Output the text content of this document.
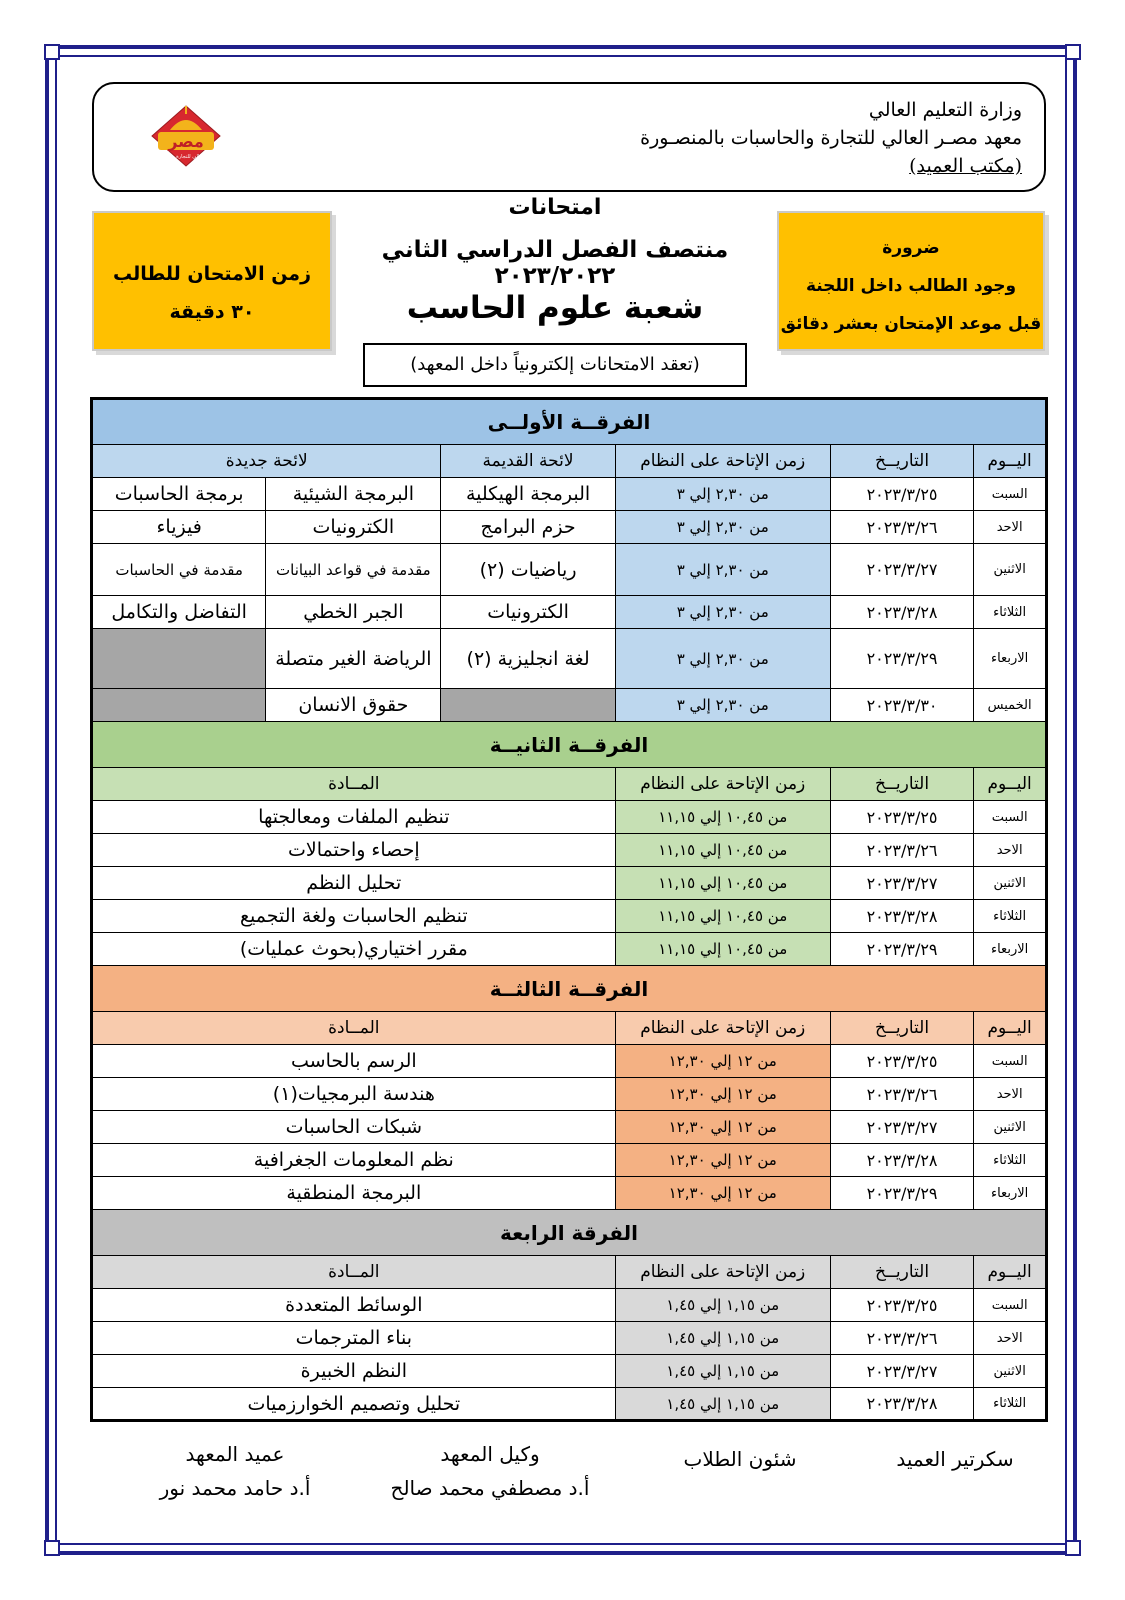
وزارة التعليم العالي
معهد مصـر العالي للتجارة والحاسبات بالمنصـورة
(مكتب العميد)
مصر
المعهد العالي للتجارة والحاسبات
زمن الامتحان للطالب
٣٠ دقيقة
ضرورة
وجود الطالب داخل اللجنة
قبل موعد الإمتحان بعشر دقائق
امتحانات
منتصف الفصل الدراسي الثاني ٢٠٢٣/٢٠٢٢
شعبة علوم الحاسب
(تعقد الامتحانات إلكترونياً داخل المعهد)
الفرقــة الأولــى					
اليــوم	التاريــخ	زمن الإتاحة على النظام	لائحة القديمة	لائحة جديدة	
السبت	٢٠٢٣/٣/٢٥	من ٢,٣٠ إلي ٣	البرمجة الهيكلية	البرمجة الشيئية	برمجة الحاسبات
الاحد	٢٠٢٣/٣/٢٦	من ٢,٣٠ إلي ٣	حزم البرامج	الكترونيات	فيزياء
الاثنين	٢٠٢٣/٣/٢٧	من ٢,٣٠ إلي ٣	رياضيات (٢)	مقدمة في قواعد البيانات	مقدمة في الحاسبات
الثلاثاء	٢٠٢٣/٣/٢٨	من ٢,٣٠ إلي ٣	الكترونيات	الجبر الخطي	التفاضل والتكامل
الاربعاء	٢٠٢٣/٣/٢٩	من ٢,٣٠ إلي ٣	لغة انجليزية (٢)	الرياضة الغير متصلة	
الخميس	٢٠٢٣/٣/٣٠	من ٢,٣٠ إلي ٣		حقوق الانسان	
الفرقــة الثانيــة					
اليــوم	التاريــخ	زمن الإتاحة على النظام	المــادة		
السبت	٢٠٢٣/٣/٢٥	من ١٠,٤٥ إلي ١١,١٥	تنظيم الملفات ومعالجتها		
الاحد	٢٠٢٣/٣/٢٦	من ١٠,٤٥ إلي ١١,١٥	إحصاء واحتمالات		
الاثنين	٢٠٢٣/٣/٢٧	من ١٠,٤٥ إلي ١١,١٥	تحليل النظم		
الثلاثاء	٢٠٢٣/٣/٢٨	من ١٠,٤٥ إلي ١١,١٥	تنظيم الحاسبات ولغة التجميع		
الاربعاء	٢٠٢٣/٣/٢٩	من ١٠,٤٥ إلي ١١,١٥	مقرر اختياري(بحوث عمليات)		
الفرقــة الثالثــة					
اليــوم	التاريــخ	زمن الإتاحة على النظام	المــادة		
السبت	٢٠٢٣/٣/٢٥	من ١٢ إلي ١٢,٣٠	الرسم بالحاسب		
الاحد	٢٠٢٣/٣/٢٦	من ١٢ إلي ١٢,٣٠	هندسة البرمجيات(١)		
الاثنين	٢٠٢٣/٣/٢٧	من ١٢ إلي ١٢,٣٠	شبكات الحاسبات		
الثلاثاء	٢٠٢٣/٣/٢٨	من ١٢ إلي ١٢,٣٠	نظم المعلومات الجغرافية		
الاربعاء	٢٠٢٣/٣/٢٩	من ١٢ إلي ١٢,٣٠	البرمجة المنطقية		
الفرقة الرابعة					
اليــوم	التاريــخ	زمن الإتاحة على النظام	المــادة		
السبت	٢٠٢٣/٣/٢٥	من ١,١٥ إلي ١,٤٥	الوسائط المتعددة		
الاحد	٢٠٢٣/٣/٢٦	من ١,١٥ إلي ١,٤٥	بناء المترجمات		
الاثنين	٢٠٢٣/٣/٢٧	من ١,١٥ إلي ١,٤٥	النظم الخبيرة		
الثلاثاء	٢٠٢٣/٣/٢٨	من ١,١٥ إلي ١,٤٥	تحليل وتصميم الخوارزميات		
عميد المعهد
أ.د حامد محمد نور
وكيل المعهد
أ.د مصطفي محمد صالح
شئون الطلاب	سكرتير العميد
